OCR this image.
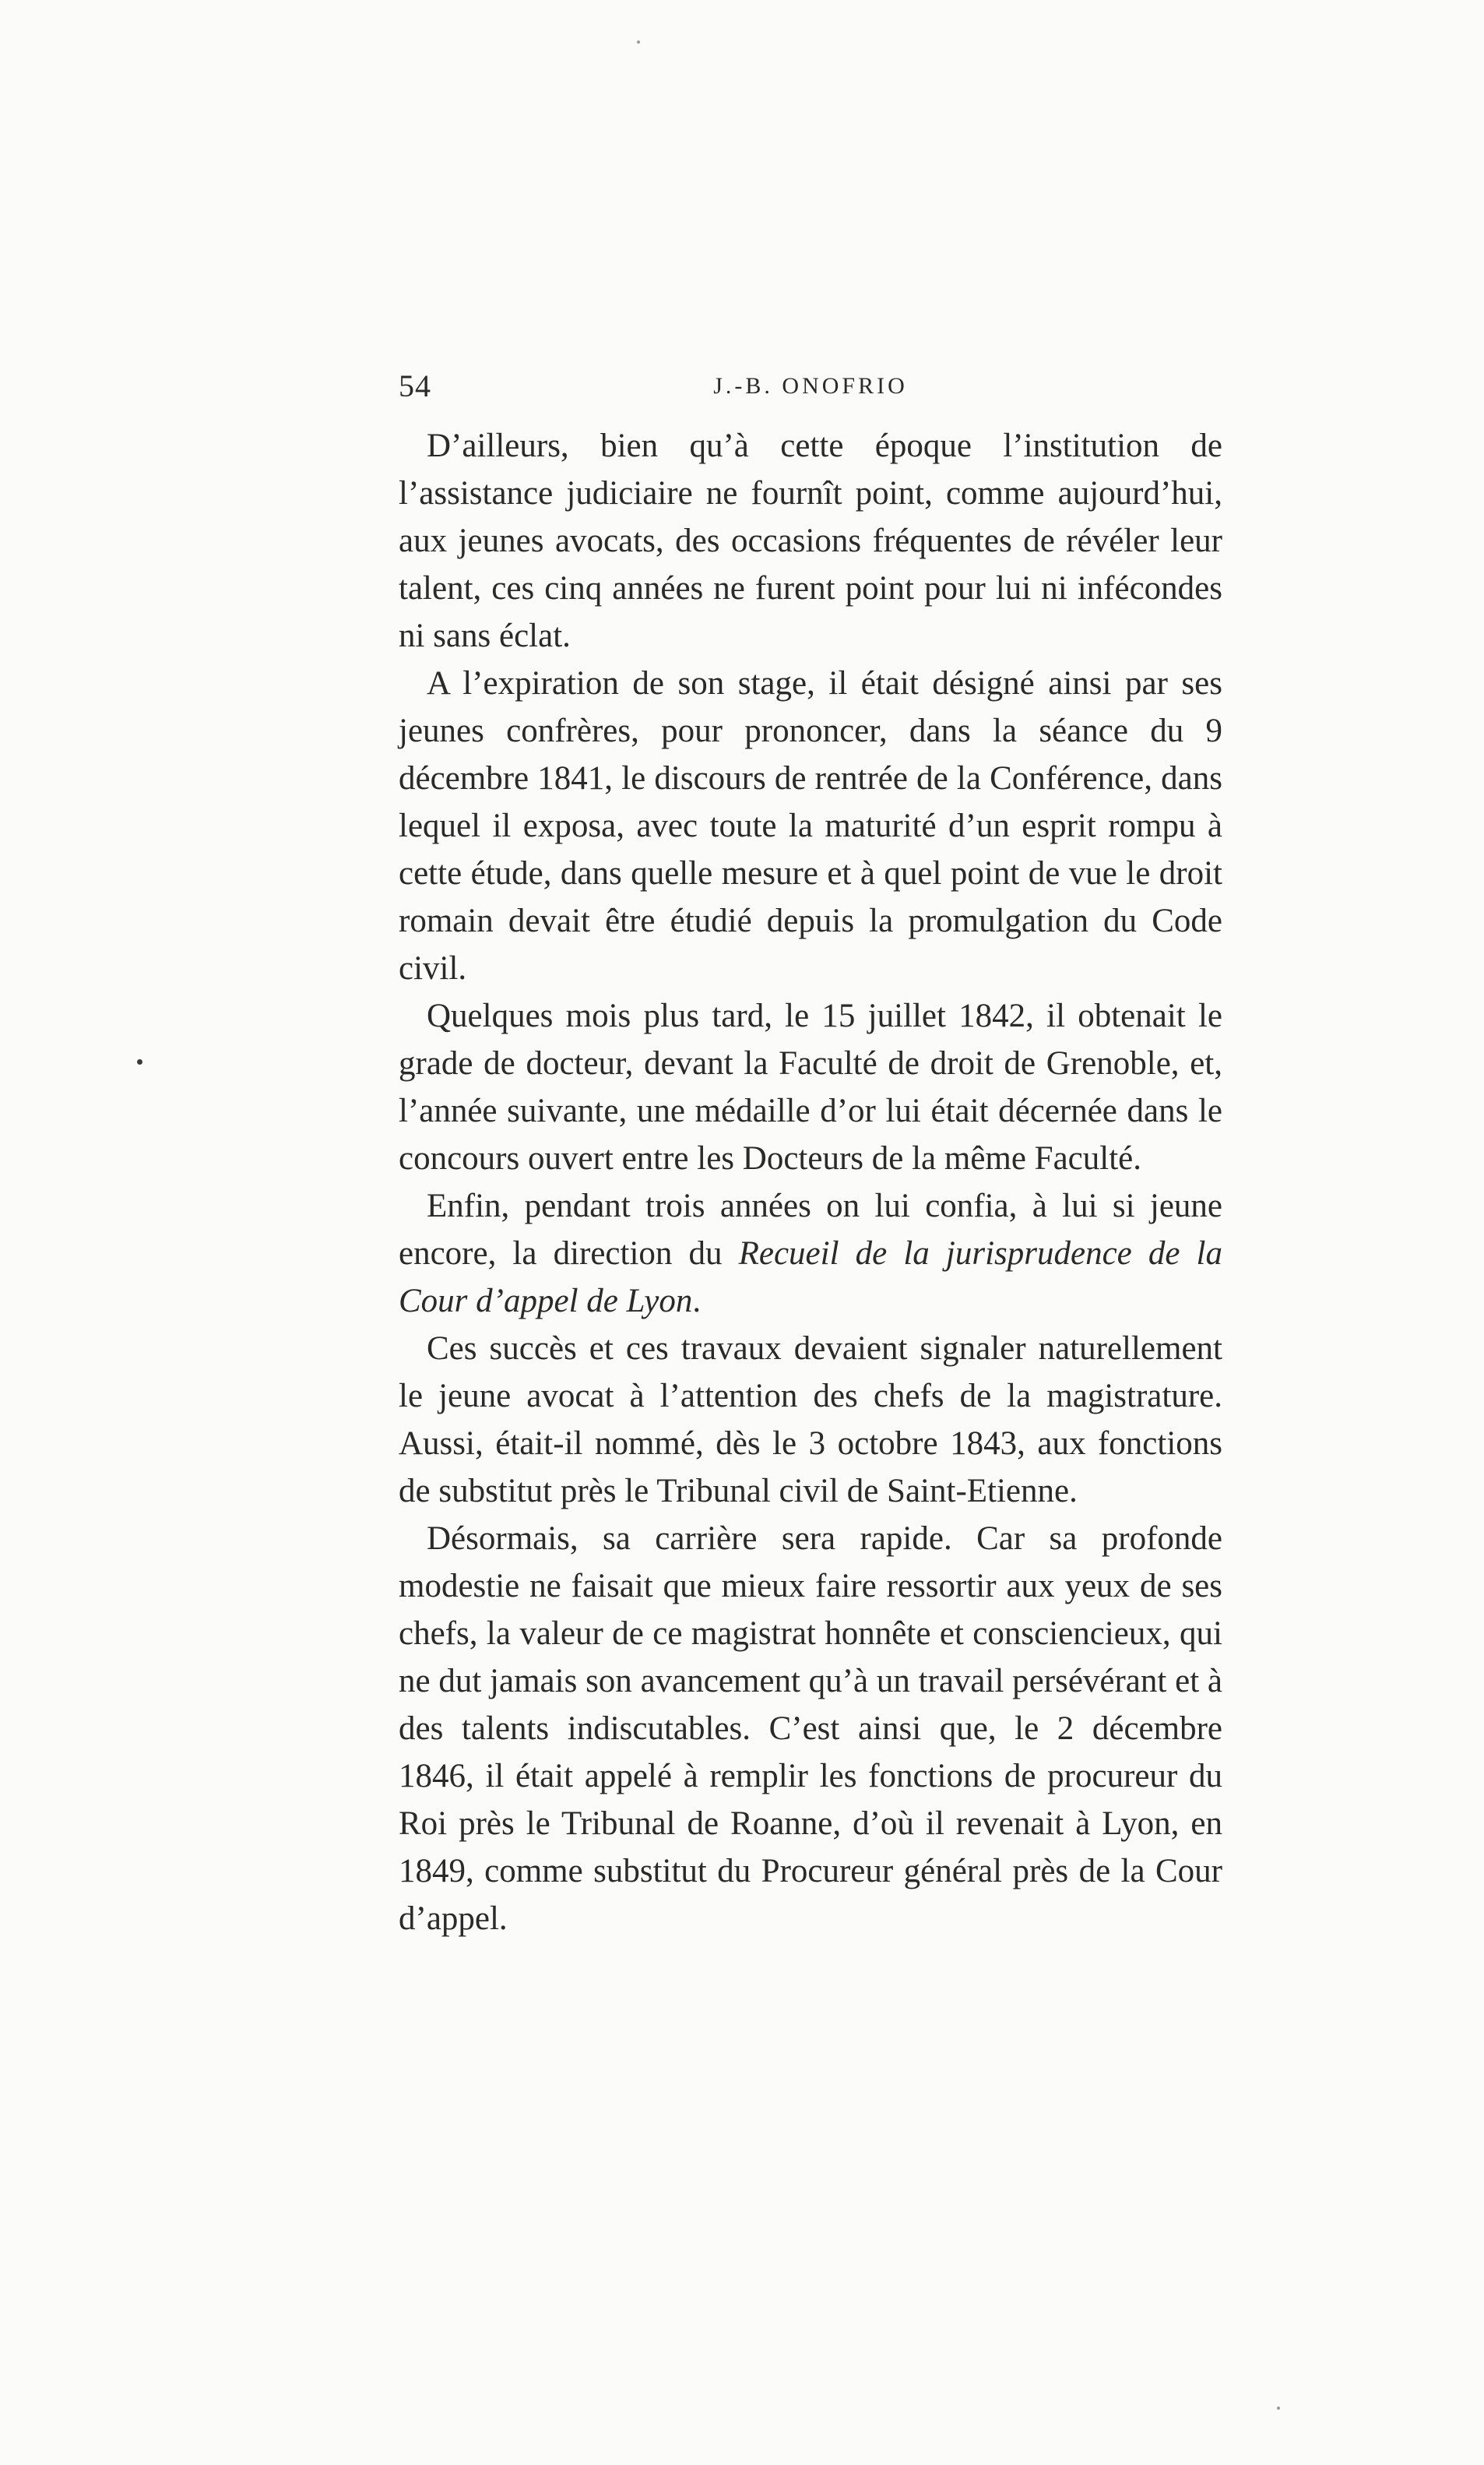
54	J.-B. ONOFRIO

D’ailleurs, bien qu’à cette époque l’institution de l’assistance judiciaire ne fournît point, comme aujourd’hui, aux jeunes avocats, des occasions fréquentes de révéler leur talent, ces cinq années ne furent point pour lui ni infécondes ni sans éclat.

A l’expiration de son stage, il était désigné ainsi par ses jeunes confrères, pour prononcer, dans la séance du 9 décembre 1841, le discours de rentrée de la Conférence, dans lequel il exposa, avec toute la maturité d’un esprit rompu à cette étude, dans quelle mesure et à quel point de vue le droit romain devait être étudié depuis la promulgation du Code civil.

Quelques mois plus tard, le 15 juillet 1842, il obtenait le grade de docteur, devant la Faculté de droit de Grenoble, et, l’année suivante, une médaille d’or lui était décernée dans le concours ouvert entre les Docteurs de la même Faculté.

Enfin, pendant trois années on lui confia, à lui si jeune encore, la direction du Recueil de la jurisprudence de la Cour d’appel de Lyon.

Ces succès et ces travaux devaient signaler naturellement le jeune avocat à l’attention des chefs de la magistrature. Aussi, était-il nommé, dès le 3 octobre 1843, aux fonctions de substitut près le Tribunal civil de Saint-Etienne.

Désormais, sa carrière sera rapide. Car sa profonde modestie ne faisait que mieux faire ressortir aux yeux de ses chefs, la valeur de ce magistrat honnête et consciencieux, qui ne dut jamais son avancement qu’à un travail persévérant et à des talents indiscutables. C’est ainsi que, le 2 décembre 1846, il était appelé à remplir les fonctions de procureur du Roi près le Tribunal de Roanne, d’où il revenait à Lyon, en 1849, comme substitut du Procureur général près de la Cour d’appel.
